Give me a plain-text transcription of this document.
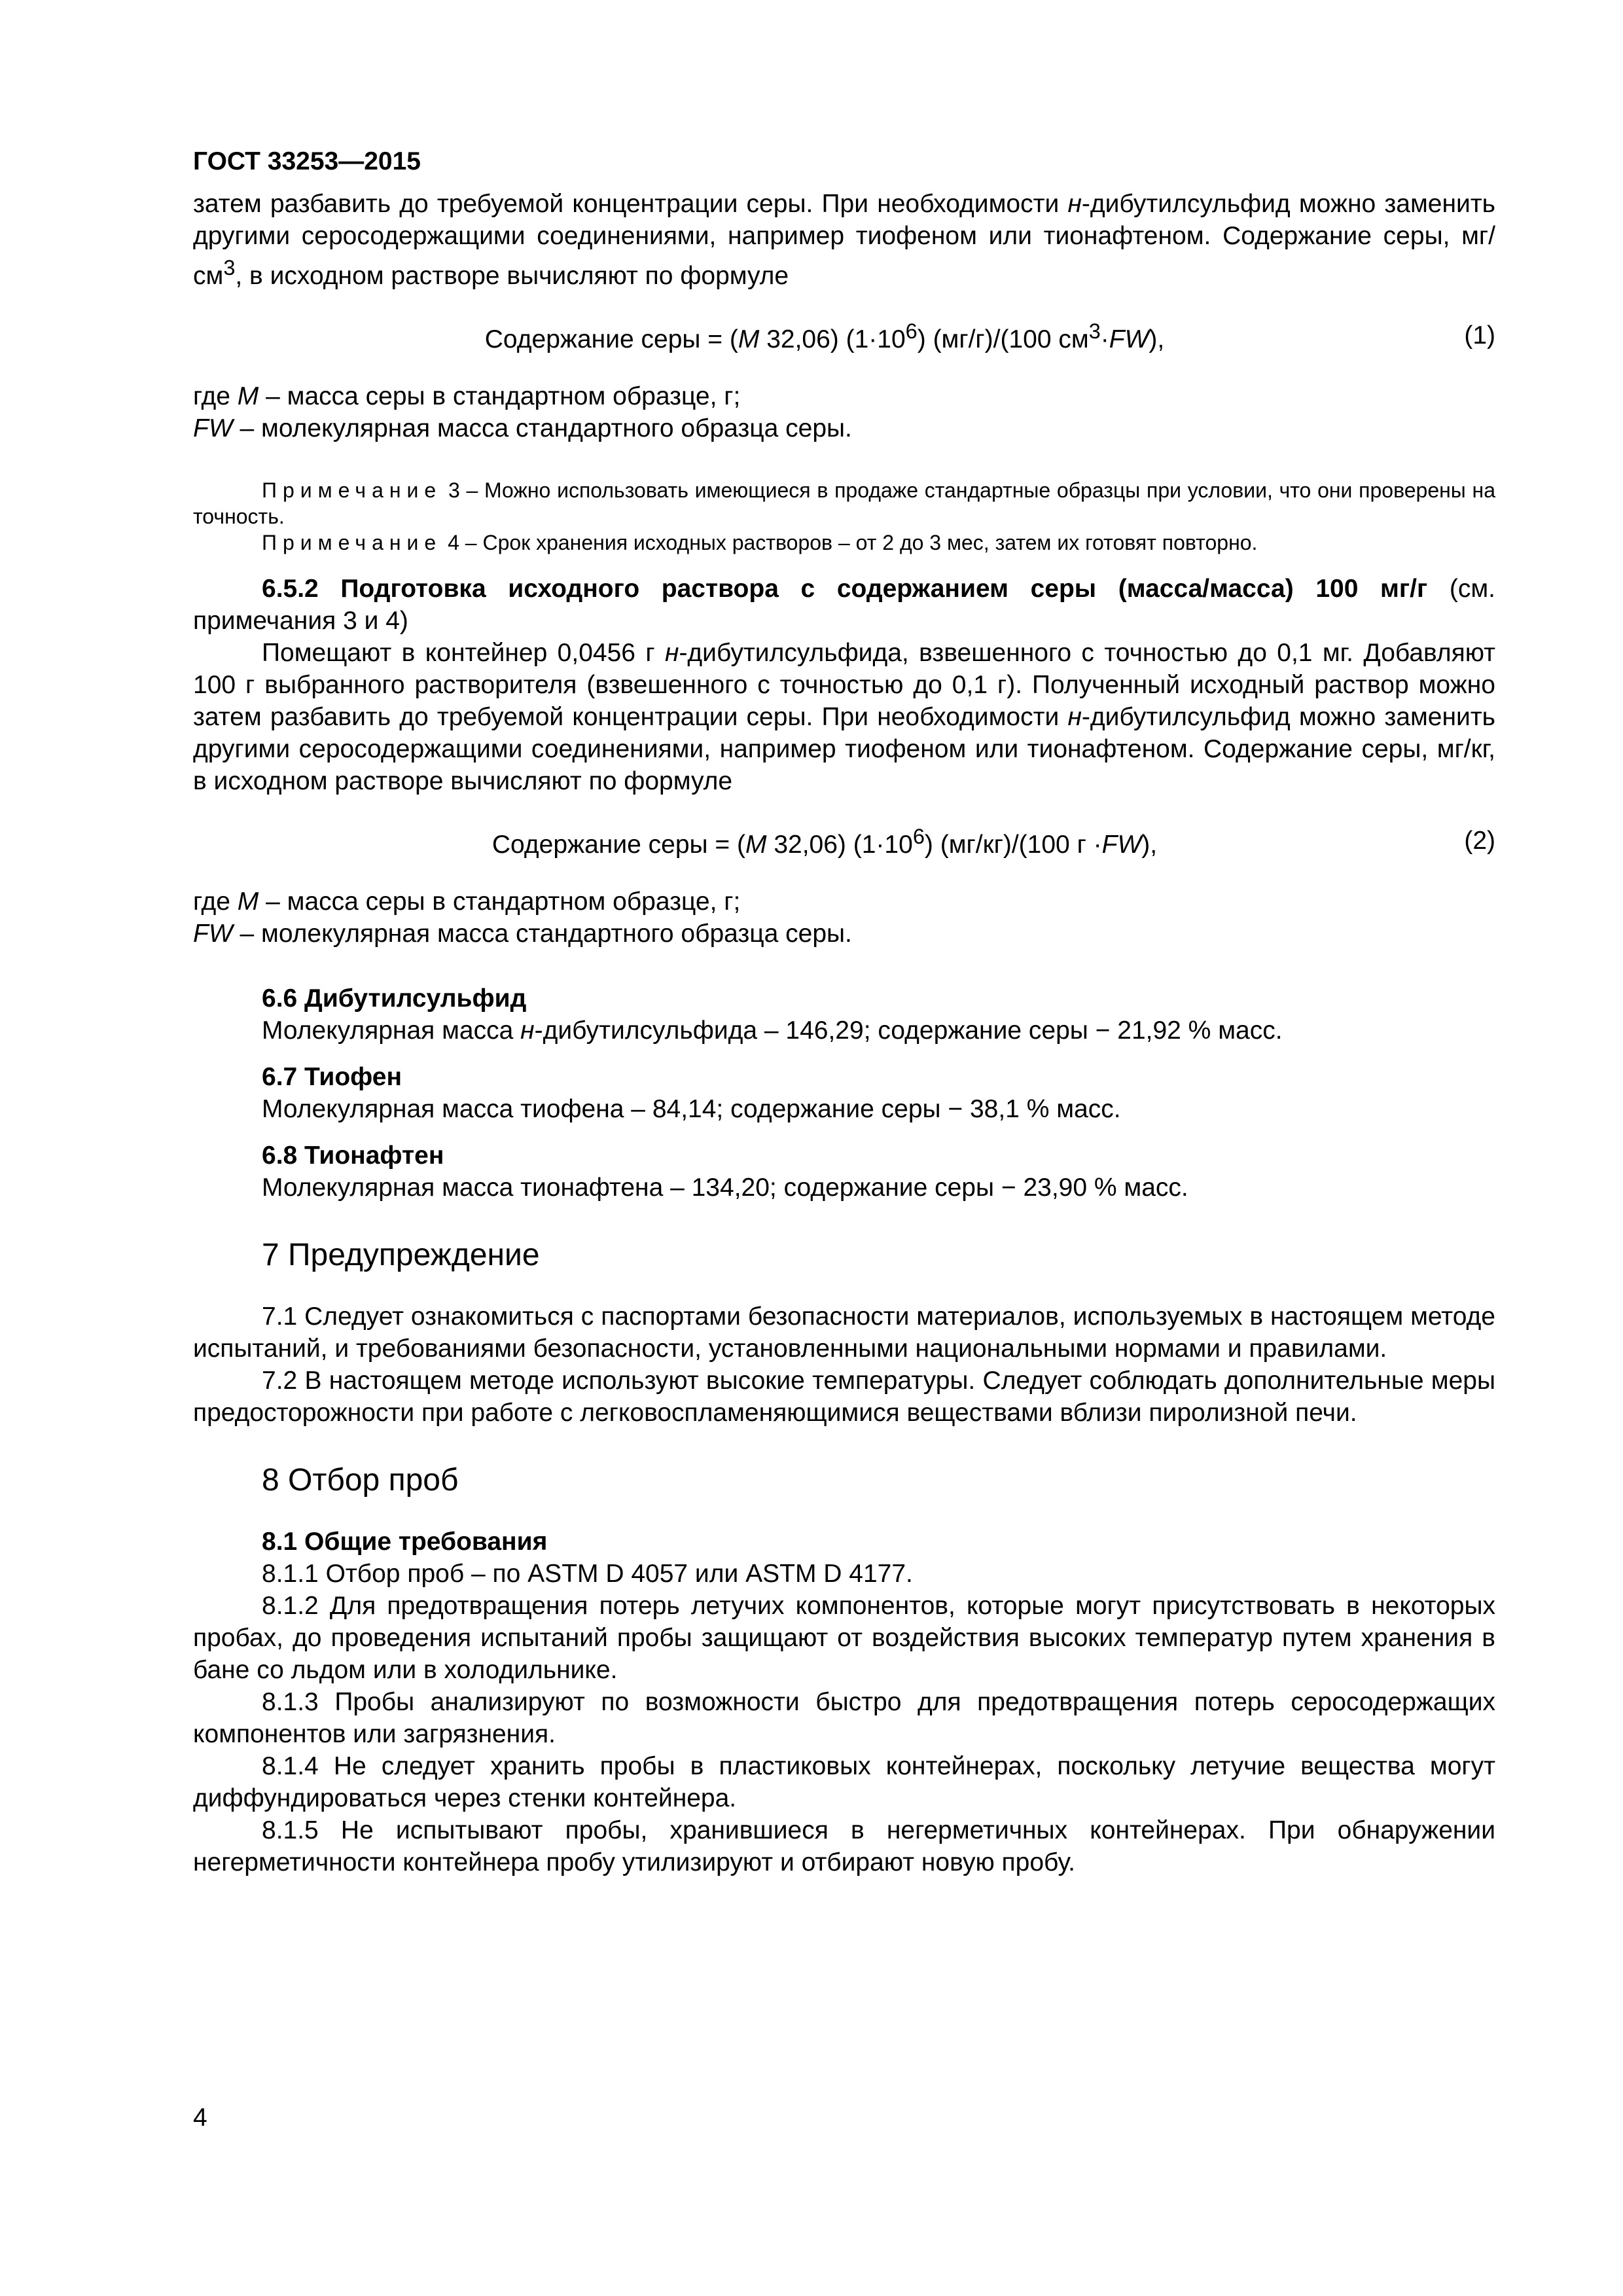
ГОСТ 33253—2015

затем разбавить до требуемой концентрации серы. При необходимости н-дибутилсульфид можно заменить другими серосодержащими соединениями, например тиофеном или тионафтеном. Содержание серы, $мг/см^3$, в исходном растворе вычисляют по формуле

Содержание серы = (M 32,06) $(1\cdot 10^6)$ (мг/г)/(100 $см^3\cdot FW$),	(1)

где M – масса серы в стандартном образце, г;

FW – молекулярная масса стандартного образца серы.

Примечание 3 – Можно использовать имеющиеся в продаже стандартные образцы при условии, что они проверены на точность.

Примечание 4 – Срок хранения исходных растворов – от 2 до 3 мес, затем их готовят повторно.

6.5.2 Подготовка исходного раствора с содержанием серы (масса/масса) 100 мг/г (см. примечания 3 и 4)

Помещают в контейнер 0,0456 г н-дибутилсульфида, взвешенного с точностью до 0,1 мг. Добавляют 100 г выбранного растворителя (взвешенного с точностью до 0,1 г). Полученный исходный раствор можно затем разбавить до требуемой концентрации серы. При необходимости н-дибутилсульфид можно заменить другими серосодержащими соединениями, например тиофеном или тионафтеном. Содержание серы, мг/кг, в исходном растворе вычисляют по формуле

Содержание серы = (M 32,06) $(1\cdot 10^6)$ (мг/кг)/(100 г ·FW),	(2)

где M – масса серы в стандартном образце, г;

FW – молекулярная масса стандартного образца серы.

6.6 Дибутилсульфид
Молекулярная масса н-дибутилсульфида – 146,29; содержание серы − 21,92 % масс.
6.7 Тиофен
Молекулярная масса тиофена – 84,14; содержание серы − 38,1 % масс.
6.8 Тионафтен
Молекулярная масса тионафтена – 134,20; содержание серы − 23,90 % масс.
7 Предупреждение

7.1 Следует ознакомиться с паспортами безопасности материалов, используемых в настоящем методе испытаний, и требованиями безопасности, установленными национальными нормами и правилами.

7.2 В настоящем методе используют высокие температуры. Следует соблюдать дополнительные меры предосторожности при работе с легковоспламеняющимися веществами вблизи пиролизной печи.

8 Отбор проб
8.1 Общие требования

8.1.1 Отбор проб – по ASTM D 4057 или ASTM D 4177.

8.1.2 Для предотвращения потерь летучих компонентов, которые могут присутствовать в некоторых пробах, до проведения испытаний пробы защищают от воздействия высоких температур путем хранения в бане со льдом или в холодильнике.

8.1.3 Пробы анализируют по возможности быстро для предотвращения потерь серосодержащих компонентов или загрязнения.

8.1.4 Не следует хранить пробы в пластиковых контейнерах, поскольку летучие вещества могут диффундироваться через стенки контейнера.

8.1.5 Не испытывают пробы, хранившиеся в негерметичных контейнерах. При обнаружении негерметичности контейнера пробу утилизируют и отбирают новую пробу.

4
